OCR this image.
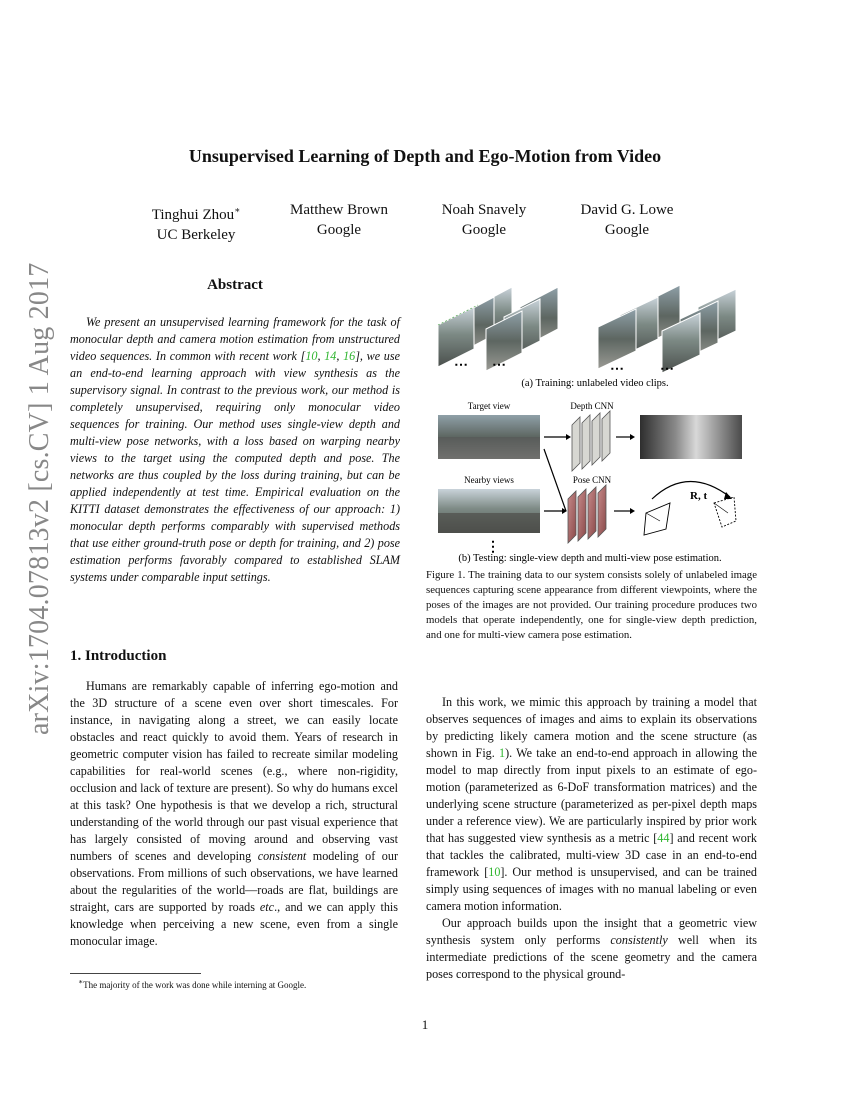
arXiv:1704.07813v2 [cs.CV] 1 Aug 2017
Unsupervised Learning of Depth and Ego-Motion from Video
Tinghui Zhou∗
UC Berkeley
Matthew Brown
Google
Noah Snavely
Google
David G. Lowe
Google
Abstract

We present an unsupervised learning framework for the task of monocular depth and camera motion estimation from unstructured video sequences. In common with recent work [10, 14, 16], we use an end-to-end learning approach with view synthesis as the supervisory signal. In contrast to the previous work, our method is completely unsupervised, requiring only monocular video sequences for training. Our method uses single-view depth and multi-view pose networks, with a loss based on warping nearby views to the target using the computed depth and pose. The networks are thus coupled by the loss during training, but can be applied independently at test time. Empirical evaluation on the KITTI dataset demonstrates the effectiveness of our approach: 1) monocular depth performs comparably with supervised methods that use either ground-truth pose or depth for training, and 2) pose estimation performs favorably compared to established SLAM systems under comparable input settings.

1. Introduction

Humans are remarkably capable of inferring ego-motion and the 3D structure of a scene even over short timescales. For instance, in navigating along a street, we can easily locate obstacles and react quickly to avoid them. Years of research in geometric computer vision has failed to recreate similar modeling capabilities for real-world scenes (e.g., where non-rigidity, occlusion and lack of texture are present). So why do humans excel at this task? One hypothesis is that we develop a rich, structural understanding of the world through our past visual experience that has largely consisted of moving around and observing vast numbers of scenes and developing consistent modeling of our observations. From millions of such observations, we have learned about the regularities of the world—roads are flat, buildings are straight, cars are supported by roads etc., and we can apply this knowledge when perceiving a new scene, even from a single monocular image.

∗The majority of the work was done while interning at Google.
⋯ ⋯	⋯ ⋯
(a) Training: unlabeled video clips.
Target view	Depth CNN
Nearby views
⋮
Pose CNN
R, t
(b) Testing: single-view depth and multi-view pose estimation.
Figure 1. The training data to our system consists solely of unlabeled image sequences capturing scene appearance from different viewpoints, where the poses of the images are not provided. Our training procedure produces two models that operate independently, one for single-view depth prediction, and one for multi-view camera pose estimation.

In this work, we mimic this approach by training a model that observes sequences of images and aims to explain its observations by predicting likely camera motion and the scene structure (as shown in Fig. 1). We take an end-to-end approach in allowing the model to map directly from input pixels to an estimate of ego-motion (parameterized as 6-DoF transformation matrices) and the underlying scene structure (parameterized as per-pixel depth maps under a reference view). We are particularly inspired by prior work that has suggested view synthesis as a metric [44] and recent work that tackles the calibrated, multi-view 3D case in an end-to-end framework [10]. Our method is unsupervised, and can be trained simply using sequences of images with no manual labeling or even camera motion information.

Our approach builds upon the insight that a geometric view synthesis system only performs consistently well when its intermediate predictions of the scene geometry and the camera poses correspond to the physical ground-

1
